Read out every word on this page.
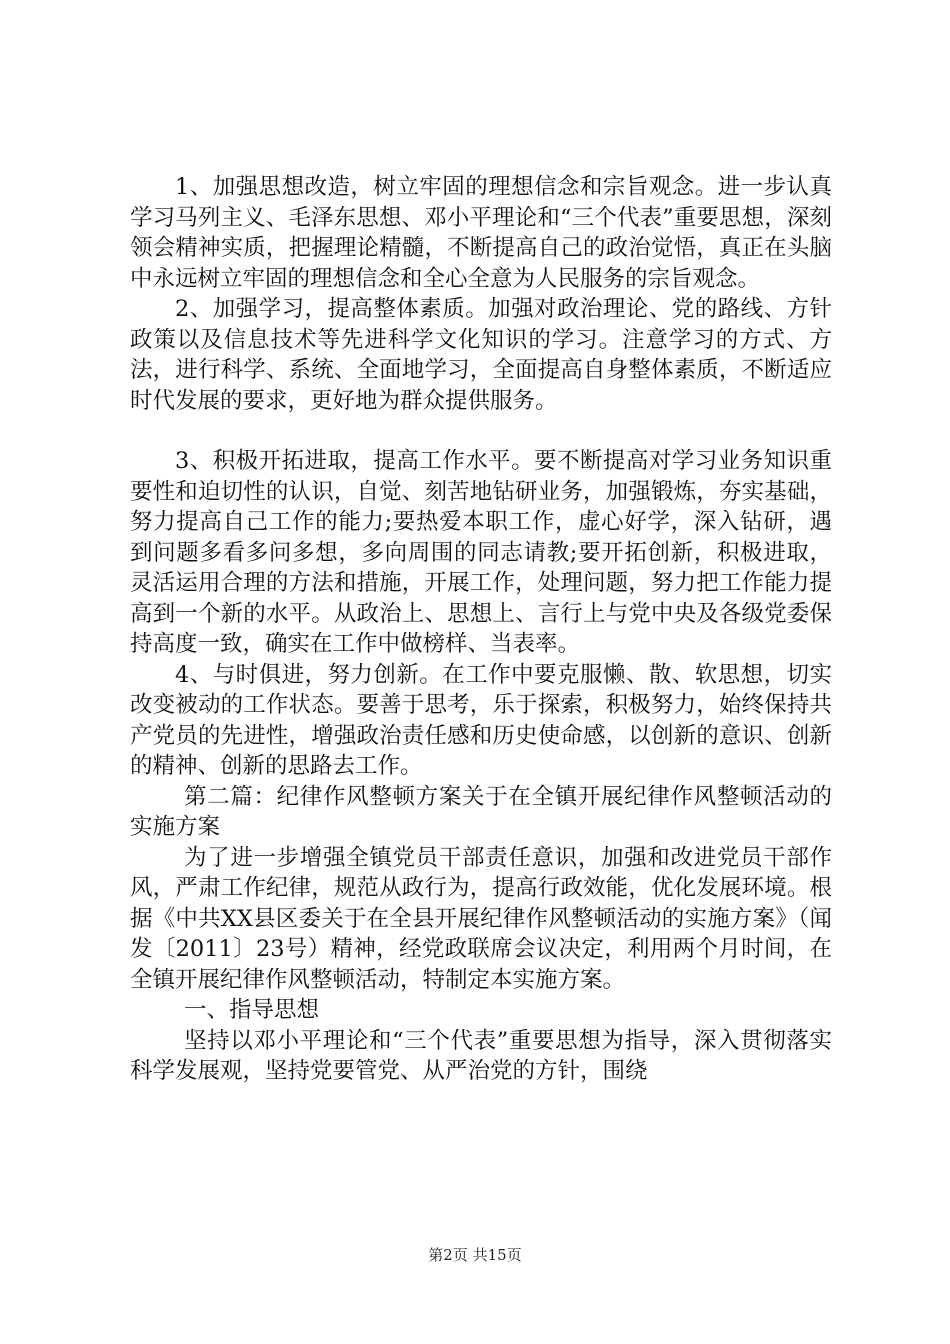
1、加强思想改造，树立牢固的理想信念和宗旨观念。进一步认真学习马列主义、毛泽东思想、邓小平理论和“三个代表”重要思想，深刻领会精神实质，把握理论精髓，不断提高自己的政治觉悟，真正在头脑中永远树立牢固的理想信念和全心全意为人民服务的宗旨观念。

2、加强学习，提高整体素质。加强对政治理论、党的路线、方针政策以及信息技术等先进科学文化知识的学习。注意学习的方式、方法，进行科学、系统、全面地学习，全面提高自身整体素质，不断适应时代发展的要求，更好地为群众提供服务。

3、积极开拓进取，提高工作水平。要不断提高对学习业务知识重要性和迫切性的认识，自觉、刻苦地钻研业务，加强锻炼，夯实基础，努力提高自己工作的能力;要热爱本职工作，虚心好学，深入钻研，遇到问题多看多问多想，多向周围的同志请教;要开拓创新，积极进取，灵活运用合理的方法和措施，开展工作，处理问题，努力把工作能力提高到一个新的水平。从政治上、思想上、言行上与党中央及各级党委保持高度一致，确实在工作中做榜样、当表率。

4、与时俱进，努力创新。在工作中要克服懒、散、软思想，切实改变被动的工作状态。要善于思考，乐于探索，积极努力，始终保持共产党员的先进性，增强政治责任感和历史使命感，以创新的意识、创新的精神、创新的思路去工作。

第二篇：纪律作风整顿方案关于在全镇开展纪律作风整顿活动的实施方案

为了进一步增强全镇党员干部责任意识，加强和改进党员干部作风，严肃工作纪律，规范从政行为，提高行政效能，优化发展环境。根据《中共XX县区委关于在全县开展纪律作风整顿活动的实施方案》（闻发〔2011〕23号）精神，经党政联席会议决定，利用两个月时间，在全镇开展纪律作风整顿活动，特制定本实施方案。

一、指导思想

坚持以邓小平理论和“三个代表”重要思想为指导，深入贯彻落实科学发展观，坚持党要管党、从严治党的方针，围绕

第2页 共15页
